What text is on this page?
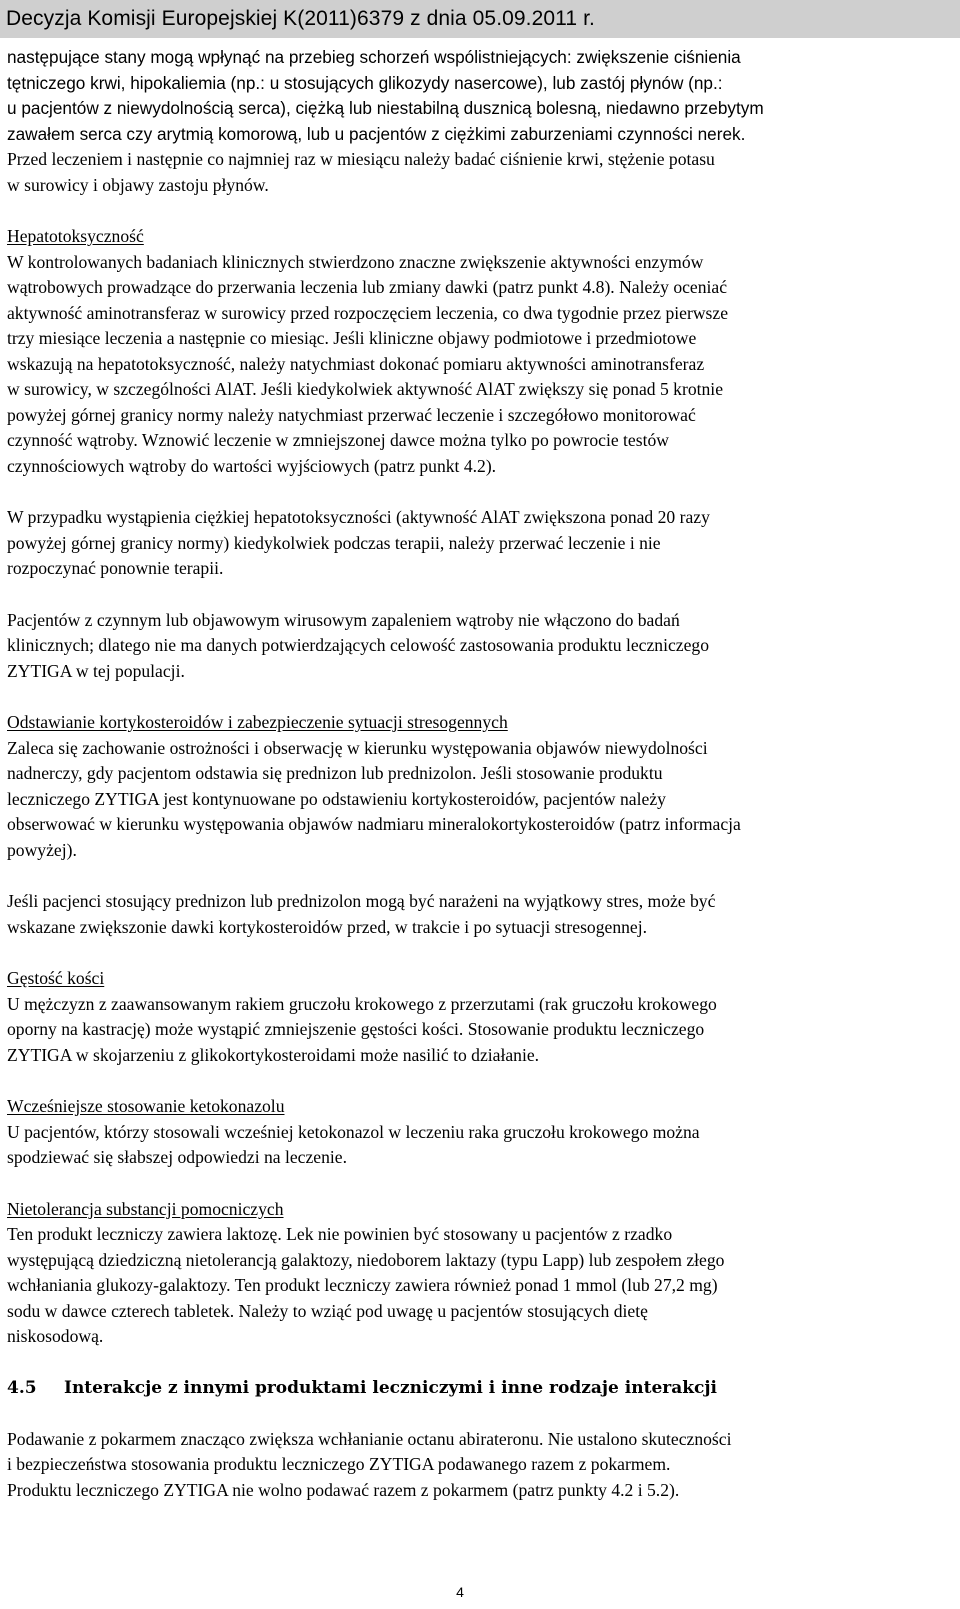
Decyzja Komisji Europejskiej K(2011)6379 z dnia 05.09.2011 r.
następujące stany mogą wpłynąć na przebieg schorzeń wspólistniejących: zwiększenie ciśnienia
tętniczego krwi, hipokaliemia (np.: u stosujących glikozydy nasercowe), lub zastój płynów (np.:
u pacjentów z niewydolnością serca), ciężką lub niestabilną dusznicą bolesną, niedawno przebytym
zawałem serca czy arytmią komorową, lub u pacjentów z ciężkimi zaburzeniami czynności nerek.
Przed leczeniem i następnie co najmniej raz w miesiącu należy badać ciśnienie krwi, stężenie potasu
w surowicy i objawy zastoju płynów.
Hepatotoksyczność
W kontrolowanych badaniach klinicznych stwierdzono znaczne zwiększenie aktywności enzymów
wątrobowych prowadzące do przerwania leczenia lub zmiany dawki (patrz punkt 4.8). Należy oceniać
aktywność aminotransferaz w surowicy przed rozpoczęciem leczenia, co dwa tygodnie przez pierwsze
trzy miesiące leczenia a następnie co miesiąc. Jeśli kliniczne objawy podmiotowe i przedmiotowe
wskazują na hepatotoksyczność, należy natychmiast dokonać pomiaru aktywności aminotransferaz
w surowicy, w szczególności AlAT. Jeśli kiedykolwiek aktywność AlAT zwiększy się ponad 5 krotnie
powyżej górnej granicy normy należy natychmiast przerwać leczenie i szczegółowo monitorować
czynność wątroby. Wznowić leczenie w zmniejszonej dawce można tylko po powrocie testów
czynnościowych wątroby do wartości wyjściowych (patrz punkt 4.2).
W przypadku wystąpienia ciężkiej hepatotoksyczności (aktywność AlAT zwiększona ponad 20 razy
powyżej górnej granicy normy) kiedykolwiek podczas terapii, należy przerwać leczenie i nie
rozpoczynać ponownie terapii.
Pacjentów z czynnym lub objawowym wirusowym zapaleniem wątroby nie włączono do badań
klinicznych; dlatego nie ma danych potwierdzających celowość zastosowania produktu leczniczego
ZYTIGA w tej populacji.
Odstawianie kortykosteroidów i zabezpieczenie sytuacji stresogennych
Zaleca się zachowanie ostrożności i obserwację w kierunku występowania objawów niewydolności
nadnerczy, gdy pacjentom odstawia się prednizon lub prednizolon. Jeśli stosowanie produktu
leczniczego ZYTIGA jest kontynuowane po odstawieniu kortykosteroidów, pacjentów należy
obserwować w kierunku występowania objawów nadmiaru mineralokortykosteroidów (patrz informacja
powyżej).
Jeśli pacjenci stosujący prednizon lub prednizolon mogą być narażeni na wyjątkowy stres, może być
wskazane zwiększonie dawki kortykosteroidów przed, w trakcie i po sytuacji stresogennej.
Gęstość kości
U mężczyzn z zaawansowanym rakiem gruczołu krokowego z przerzutami (rak gruczołu krokowego
oporny na kastrację) może wystąpić zmniejszenie gęstości kości. Stosowanie produktu leczniczego
ZYTIGA w skojarzeniu z glikokortykosteroidami może nasilić to działanie.
Wcześniejsze stosowanie ketokonazolu
U pacjentów, którzy stosowali wcześniej ketokonazol w leczeniu raka gruczołu krokowego można
spodziewać się słabszej odpowiedzi na leczenie.
Nietolerancja substancji pomocniczych
Ten produkt leczniczy zawiera laktozę. Lek nie powinien być stosowany u pacjentów z rzadko
występującą dziedziczną nietolerancją galaktozy, niedoborem laktazy (typu Lapp) lub zespołem złego
wchłaniania glukozy-galaktozy. Ten produkt leczniczy zawiera również ponad 1 mmol (lub 27,2 mg)
sodu w dawce czterech tabletek. Należy to wziąć pod uwagę u pacjentów stosujących dietę
niskosodową.
4.5 Interakcje z innymi produktami leczniczymi i inne rodzaje interakcji
Podawanie z pokarmem znacząco zwiększa wchłanianie octanu abirateronu. Nie ustalono skuteczności
i bezpieczeństwa stosowania produktu leczniczego ZYTIGA podawanego razem z pokarmem.
Produktu leczniczego ZYTIGA nie wolno podawać razem z pokarmem (patrz punkty 4.2 i 5.2).
4
